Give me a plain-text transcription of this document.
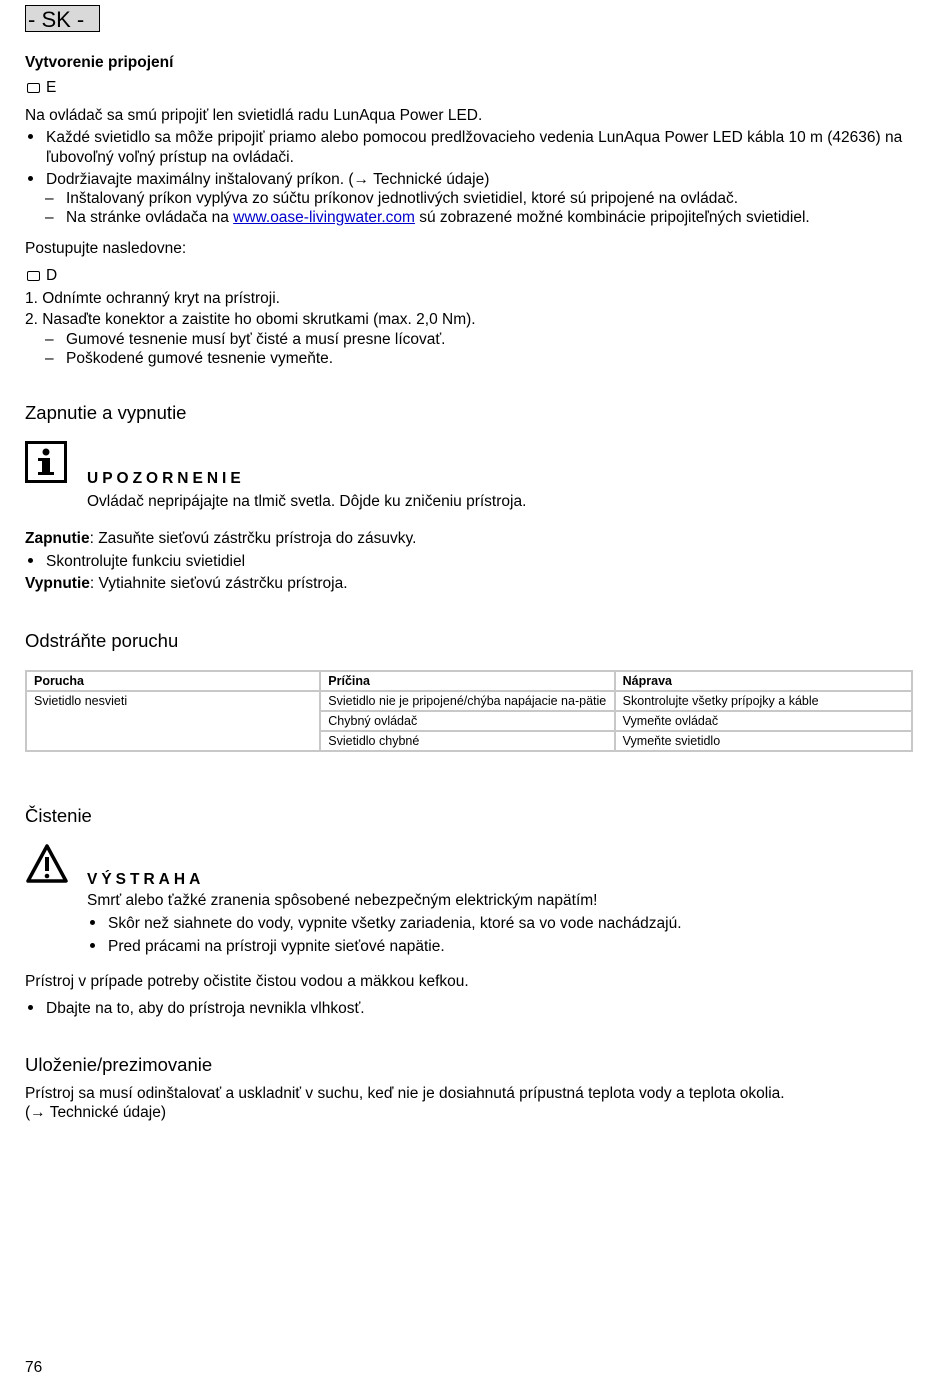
- SK -
Vytvorenie pripojení
E
Na ovládač sa smú pripojiť len svietidlá radu LunAqua Power LED.
Každé svietidlo sa môže pripojiť priamo alebo pomocou predlžovacieho vedenia LunAqua Power LED kábla 10 m (42636) na ľubovoľný voľný prístup na ovládači.
Dodržiavajte maximálny inštalovaný príkon. (→ Technické údaje)
– Inštalovaný príkon vyplýva zo súčtu príkonov jednotlivých svietidiel, ktoré sú pripojené na ovládač.
– Na stránke ovládača na www.oase-livingwater.com sú zobrazené možné kombinácie pripojiteľných svietidiel.
Postupujte nasledovne:
D
1. Odnímte ochranný kryt na prístroji.
2. Nasaďte konektor a zaistite ho obomi skrutkami (max. 2,0 Nm).
– Gumové tesnenie musí byť čisté a musí presne lícovať.
– Poškodené gumové tesnenie vymeňte.
Zapnutie a vypnutie
UPOZORNENIE
Ovládač nepripájajte na tlmič svetla. Dôjde ku zničeniu prístroja.
Zapnutie: Zasuňte sieťovú zástrčku prístroja do zásuvky.
Skontrolujte funkciu svietidiel
Vypnutie: Vytiahnite sieťovú zástrčku prístroja.
Odstráňte poruchu
Porucha	Príčina	Náprava
Svietidlo nesvieti	Svietidlo nie je pripojené/chýba napájacie na-pätie	Skontrolujte všetky prípojky a káble
	Chybný ovládač	Vymeňte ovládač
	Svietidlo chybné	Vymeňte svietidlo
Čistenie
VÝSTRAHA
Smrť alebo ťažké zranenia spôsobené nebezpečným elektrickým napätím!
Skôr než siahnete do vody, vypnite všetky zariadenia, ktoré sa vo vode nachádzajú.
Pred prácami na prístroji vypnite sieťové napätie.
Prístroj v prípade potreby očistite čistou vodou a mäkkou kefkou.
Dbajte na to, aby do prístroja nevnikla vlhkosť.
Uloženie/prezimovanie
Prístroj sa musí odinštalovať a uskladniť v suchu, keď nie je dosiahnutá prípustná teplota vody a teplota okolia.
(→ Technické údaje)
76
